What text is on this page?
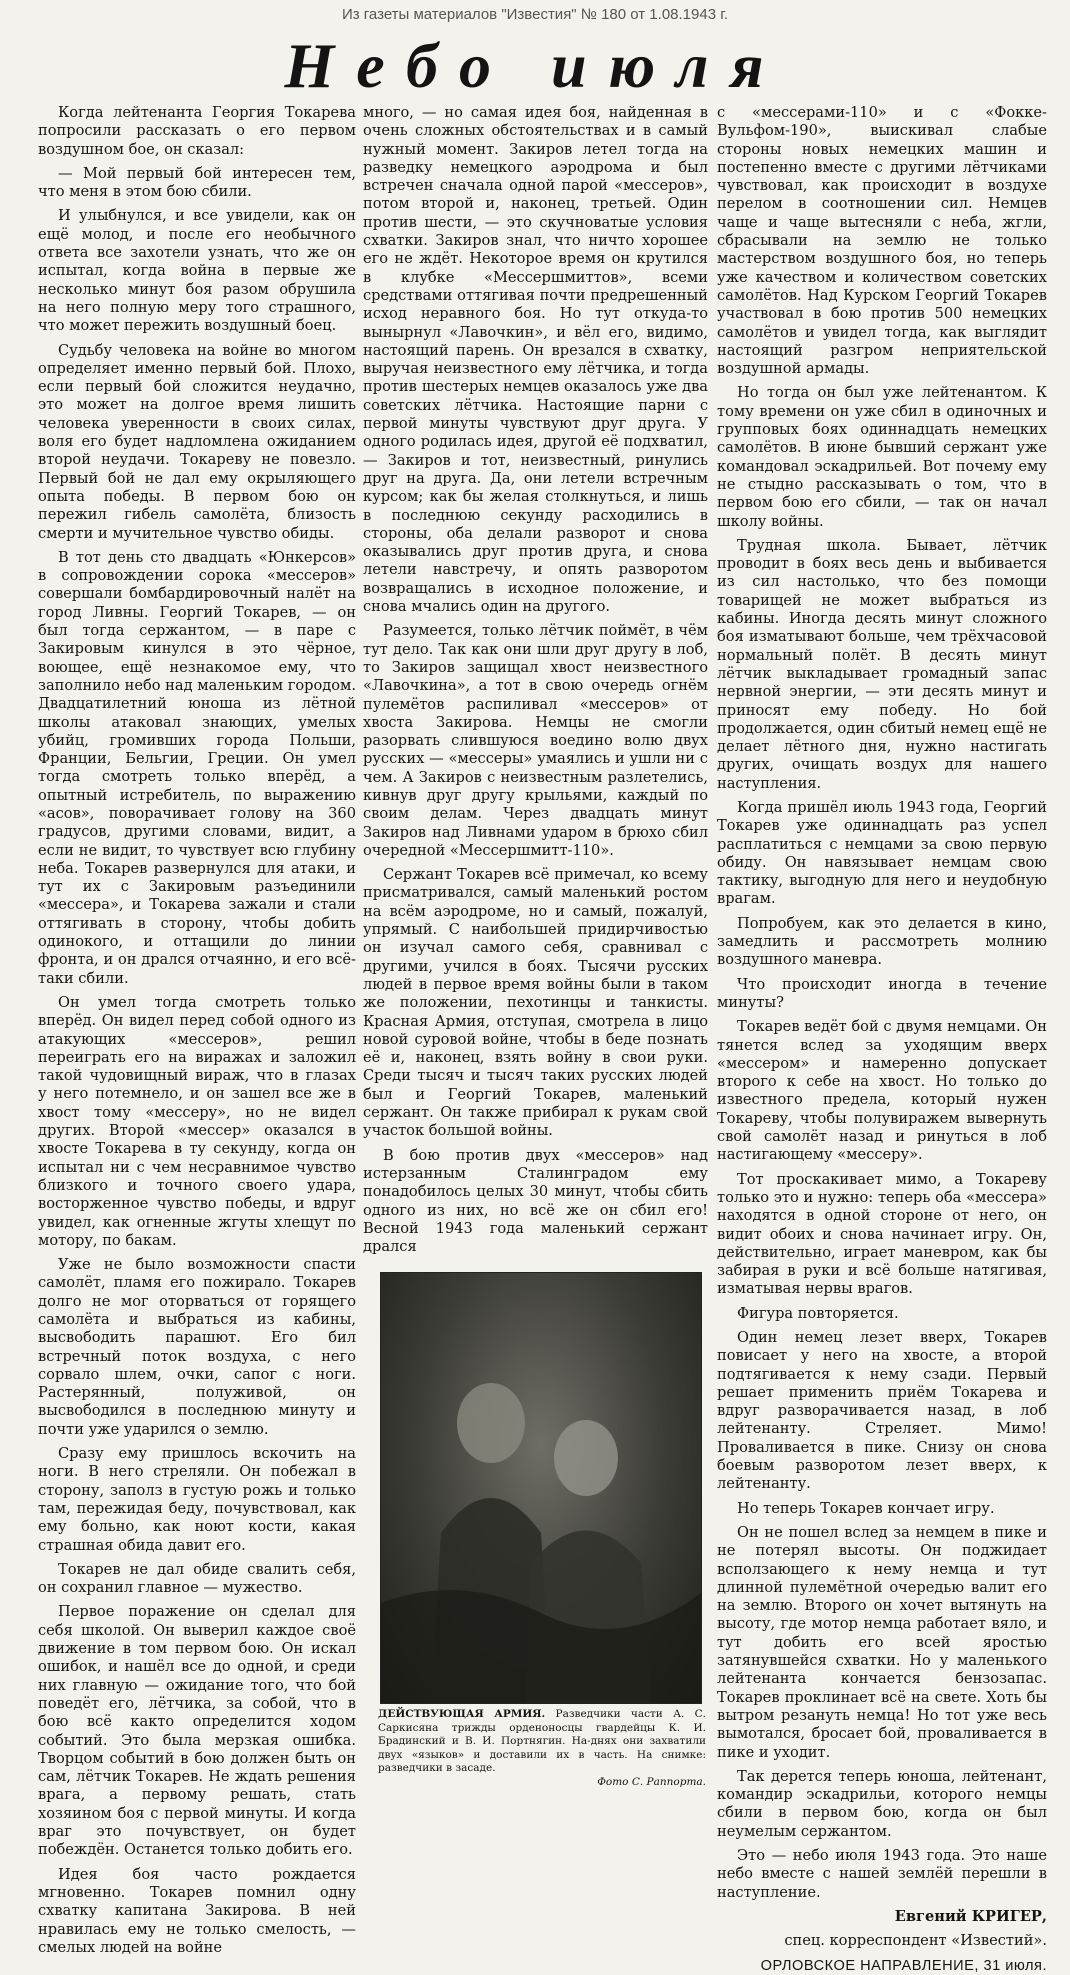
Из газеты материалов "Известия" № 180 от 1.08.1943 г.
Небо июля

Когда лейтенанта Георгия Токарева попросили рассказать о его первом воздушном бое, он сказал:

— Мой первый бой интересен тем, что меня в этом бою сбили.

И улыбнулся, и все увидели, как он ещё молод, и после его необычного ответа все захотели узнать, что же он испытал, когда война в первые же несколько минут боя разом обрушила на него полную меру того страшного, что может пережить воздушный боец.

Судьбу человека на войне во многом определяет именно первый бой. Плохо, если первый бой сложится неудачно, это может на долгое время лишить человека уверенности в своих силах, воля его будет надломлена ожиданием второй неудачи. Токареву не повезло. Первый бой не дал ему окрыляющего опыта победы. В первом бою он пережил гибель самолёта, близость смерти и мучительное чувство обиды.

В тот день сто двадцать «Юнкерсов» в сопровождении сорока «мессеров» совершали бомбардировочный налёт на город Ливны. Георгий Токарев, — он был тогда сержантом, — в паре с Закировым кинулся в это чёрное, воющее, ещё незнакомое ему, что заполнило небо над маленьким городом. Двадцатилетний юноша из лётной школы атаковал знающих, умелых убийц, громивших города Польши, Франции, Бельгии, Греции. Он умел тогда смотреть только вперёд, а опытный истребитель, по выражению «асов», поворачивает голову на 360 градусов, другими словами, видит, а если не видит, то чувствует всю глубину неба. Токарев развернулся для атаки, и тут их с Закировым разъединили «мессера», и Токарева зажали и стали оттягивать в сторону, чтобы добить одинокого, и оттащили до линии фронта, и он дрался отчаянно, и его всё-таки сбили.

Он умел тогда смотреть только вперёд. Он видел перед собой одного из атакующих «мессеров», решил переиграть его на виражах и заложил такой чудовищный вираж, что в глазах у него потемнело, и он зашел все же в хвост тому «мессеру», но не видел других. Второй «мессер» оказался в хвосте Токарева в ту секунду, когда он испытал ни с чем несравнимое чувство близкого и точного своего удара, восторженное чувство победы, и вдруг увидел, как огненные жгуты хлещут по мотору, по бакам.

Уже не было возможности спасти самолёт, пламя его пожирало. Токарев долго не мог оторваться от горящего самолёта и выбраться из кабины, высвободить парашют. Его бил встречный поток воздуха, с него сорвало шлем, очки, сапог с ноги. Растерянный, полуживой, он высвободился в последнюю минуту и почти уже ударился о землю.

Сразу ему пришлось вскочить на ноги. В него стреляли. Он побежал в сторону, заполз в густую рожь и только там, пережидая беду, почувствовал, как ему больно, как ноют кости, какая страшная обида давит его.

Токарев не дал обиде свалить себя, он сохранил главное — мужество.

Первое поражение он сделал для себя школой. Он выверил каждое своё движение в том первом бою. Он искал ошибок, и нашёл все до одной, и среди них главную — ожидание того, что бой поведёт его, лётчика, за собой, что в бою всё както определится ходом событий. Это была мерзкая ошибка. Творцом событий в бою должен быть он сам, лётчик Токарев. Не ждать решения врага, а первому решать, стать хозяином боя с первой минуты. И когда враг это почувствует, он будет побеждён. Останется только добить его.

Идея боя часто рождается мгновенно. Токарев помнил одну схватку капитана Закирова. В ней нравилась ему не только смелость, — смелых людей на войне

много, — но самая идея боя, найденная в очень сложных обстоятельствах и в самый нужный момент. Закиров летел тогда на разведку немецкого аэродрома и был встречен сначала одной парой «мессеров», потом второй и, наконец, третьей. Один против шести, — это скучноватые условия схватки. Закиров знал, что ничто хорошее его не ждёт. Некоторое время он крутился в клубке «Мессершмиттов», всеми средствами оттягивая почти предрешенный исход неравного боя. Но тут откуда-то вынырнул «Лавочкин», и вёл его, видимо, настоящий парень. Он врезался в схватку, выручая неизвестного ему лётчика, и тогда против шестерых немцев оказалось уже два советских лётчика. Настоящие парни с первой минуты чувствуют друг друга. У одного родилась идея, другой её подхватил, — Закиров и тот, неизвестный, ринулись друг на друга. Да, они летели встречным курсом; как бы желая столкнуться, и лишь в последнюю секунду расходились в стороны, оба делали разворот и снова оказывались друг против друга, и снова летели навстречу, и опять разворотом возвращались в исходное положение, и снова мчались один на другого.

Разумеется, только лётчик поймёт, в чём тут дело. Так как они шли друг другу в лоб, то Закиров защищал хвост неизвестного «Лавочкина», а тот в свою очередь огнём пулемётов распиливал «мессеров» от хвоста Закирова. Немцы не смогли разорвать слившуюся воедино волю двух русских — «мессеры» умаялись и ушли ни с чем. А Закиров с неизвестным разлетелись, кивнув друг другу крыльями, каждый по своим делам. Через двадцать минут Закиров над Ливнами ударом в брюхо сбил очередной «Мессершмитт-110».

Сержант Токарев всё примечал, ко всему присматривался, самый маленький ростом на всём аэродроме, но и самый, пожалуй, упрямый. С наибольшей придирчивостью он изучал самого себя, сравнивал с другими, учился в боях. Тысячи русских людей в первое время войны были в таком же положении, пехотинцы и танкисты. Красная Армия, отступая, смотрела в лицо новой суровой войне, чтобы в беде познать её и, наконец, взять войну в свои руки. Среди тысяч и тысяч таких русских людей был и Георгий Токарев, маленький сержант. Он также прибирал к рукам свой участок большой войны.

В бою против двух «мессеров» над истерзанным Сталинградом ему понадобилось целых 30 минут, чтобы сбить одного из них, но всё же он сбил его! Весной 1943 года маленький сержант дрался

ДЕЙСТВУЮЩАЯ АРМИЯ. Разведчики части А. С. Саркисяна трижды орденоносцы гвардейцы К. И. Брадинский и В. И. Портнягин. На-днях они захватили двух «языков» и доставили их в часть. На снимке: разведчики в засаде.
Фото С. Раппорта.

с «мессерами-110» и с «Фокке-Вульфом-190», выискивал слабые стороны новых немецких машин и постепенно вместе с другими лётчиками чувствовал, как происходит в воздухе перелом в соотношении сил. Немцев чаще и чаще вытесняли с неба, жгли, сбрасывали на землю не только мастерством воздушного боя, но теперь уже качеством и количеством советских самолётов. Над Курском Георгий Токарев участвовал в бою против 500 немецких самолётов и увидел тогда, как выглядит настоящий разгром неприятельской воздушной армады.

Но тогда он был уже лейтенантом. К тому времени он уже сбил в одиночных и групповых боях одиннадцать немецких самолётов. В июне бывший сержант уже командовал эскадрильей. Вот почему ему не стыдно рассказывать о том, что в первом бою его сбили, — так он начал школу войны.

Трудная школа. Бывает, лётчик проводит в боях весь день и выбивается из сил настолько, что без помощи товарищей не может выбраться из кабины. Иногда десять минут сложного боя изматывают больше, чем трёхчасовой нормальный полёт. В десять минут лётчик выкладывает громадный запас нервной энергии, — эти десять минут и приносят ему победу. Но бой продолжается, один сбитый немец ещё не делает лётного дня, нужно настигать других, очищать воздух для нашего наступления.

Когда пришёл июль 1943 года, Георгий Токарев уже одиннадцать раз успел расплатиться с немцами за свою первую обиду. Он навязывает немцам свою тактику, выгодную для него и неудобную врагам.

Попробуем, как это делается в кино, замедлить и рассмотреть молнию воздушного маневра.

Что происходит иногда в течение минуты?

Токарев ведёт бой с двумя немцами. Он тянется вслед за уходящим вверх «мессером» и намеренно допускает второго к себе на хвост. Но только до известного предела, который нужен Токареву, чтобы полувиражем вывернуть свой самолёт назад и ринуться в лоб настигающему «мессеру».

Тот проскакивает мимо, а Токареву только это и нужно: теперь оба «мессера» находятся в одной стороне от него, он видит обоих и снова начинает игру. Он, действительно, играет маневром, как бы забирая в руки и всё больше натягивая, изматывая нервы врагов.

Фигура повторяется.

Один немец лезет вверх, Токарев повисает у него на хвосте, а второй подтягивается к нему сзади. Первый решает применить приём Токарева и вдруг разворачивается назад, в лоб лейтенанту. Стреляет. Мимо! Проваливается в пике. Снизу он снова боевым разворотом лезет вверх, к лейтенанту.

Но теперь Токарев кончает игру.

Он не пошел вслед за немцем в пике и не потерял высоты. Он поджидает всползающего к нему немца и тут длинной пулемётной очередью валит его на землю. Второго он хочет вытянуть на высоту, где мотор немца работает вяло, и тут добить его всей яростью затянувшейся схватки. Но у маленького лейтенанта кончается бензозапас. Токарев проклинает всё на свете. Хоть бы вытром резануть немца! Но тот уже весь вымотался, бросает бой, проваливается в пике и уходит.

Так дерется теперь юноша, лейтенант, командир эскадрильи, которого немцы сбили в первом бою, когда он был неумелым сержантом.

Это — небо июля 1943 года. Это наше небо вместе с нашей землёй перешли в наступление.

Евгений КРИГЕР,

спец. корреспондент «Известий».

ОРЛОВСКОЕ НАПРАВЛЕНИЕ, 31 июля.
